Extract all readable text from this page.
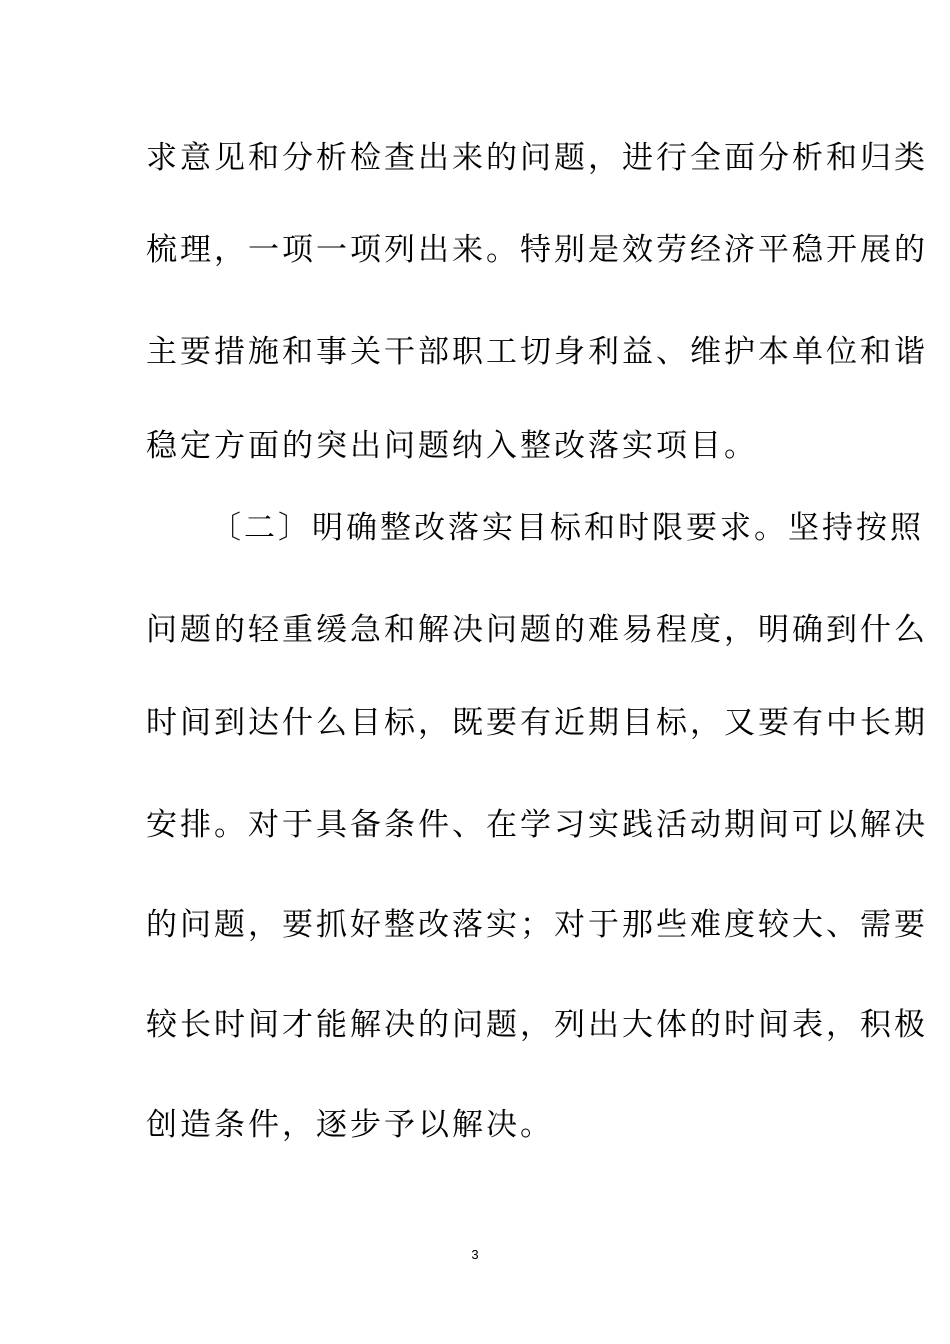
求意见和分析检查出来的问题，进行全面分析和归类
梳理，一项一项列出来。特别是效劳经济平稳开展的
主要措施和事关干部职工切身利益、维护本单位和谐
稳定方面的突出问题纳入整改落实项目。
〔二〕明确整改落实目标和时限要求。坚持按照
问题的轻重缓急和解决问题的难易程度，明确到什么
时间到达什么目标，既要有近期目标，又要有中长期
安排。对于具备条件、在学习实践活动期间可以解决
的问题，要抓好整改落实；对于那些难度较大、需要
较长时间才能解决的问题，列出大体的时间表，积极
创造条件，逐步予以解决。
3
